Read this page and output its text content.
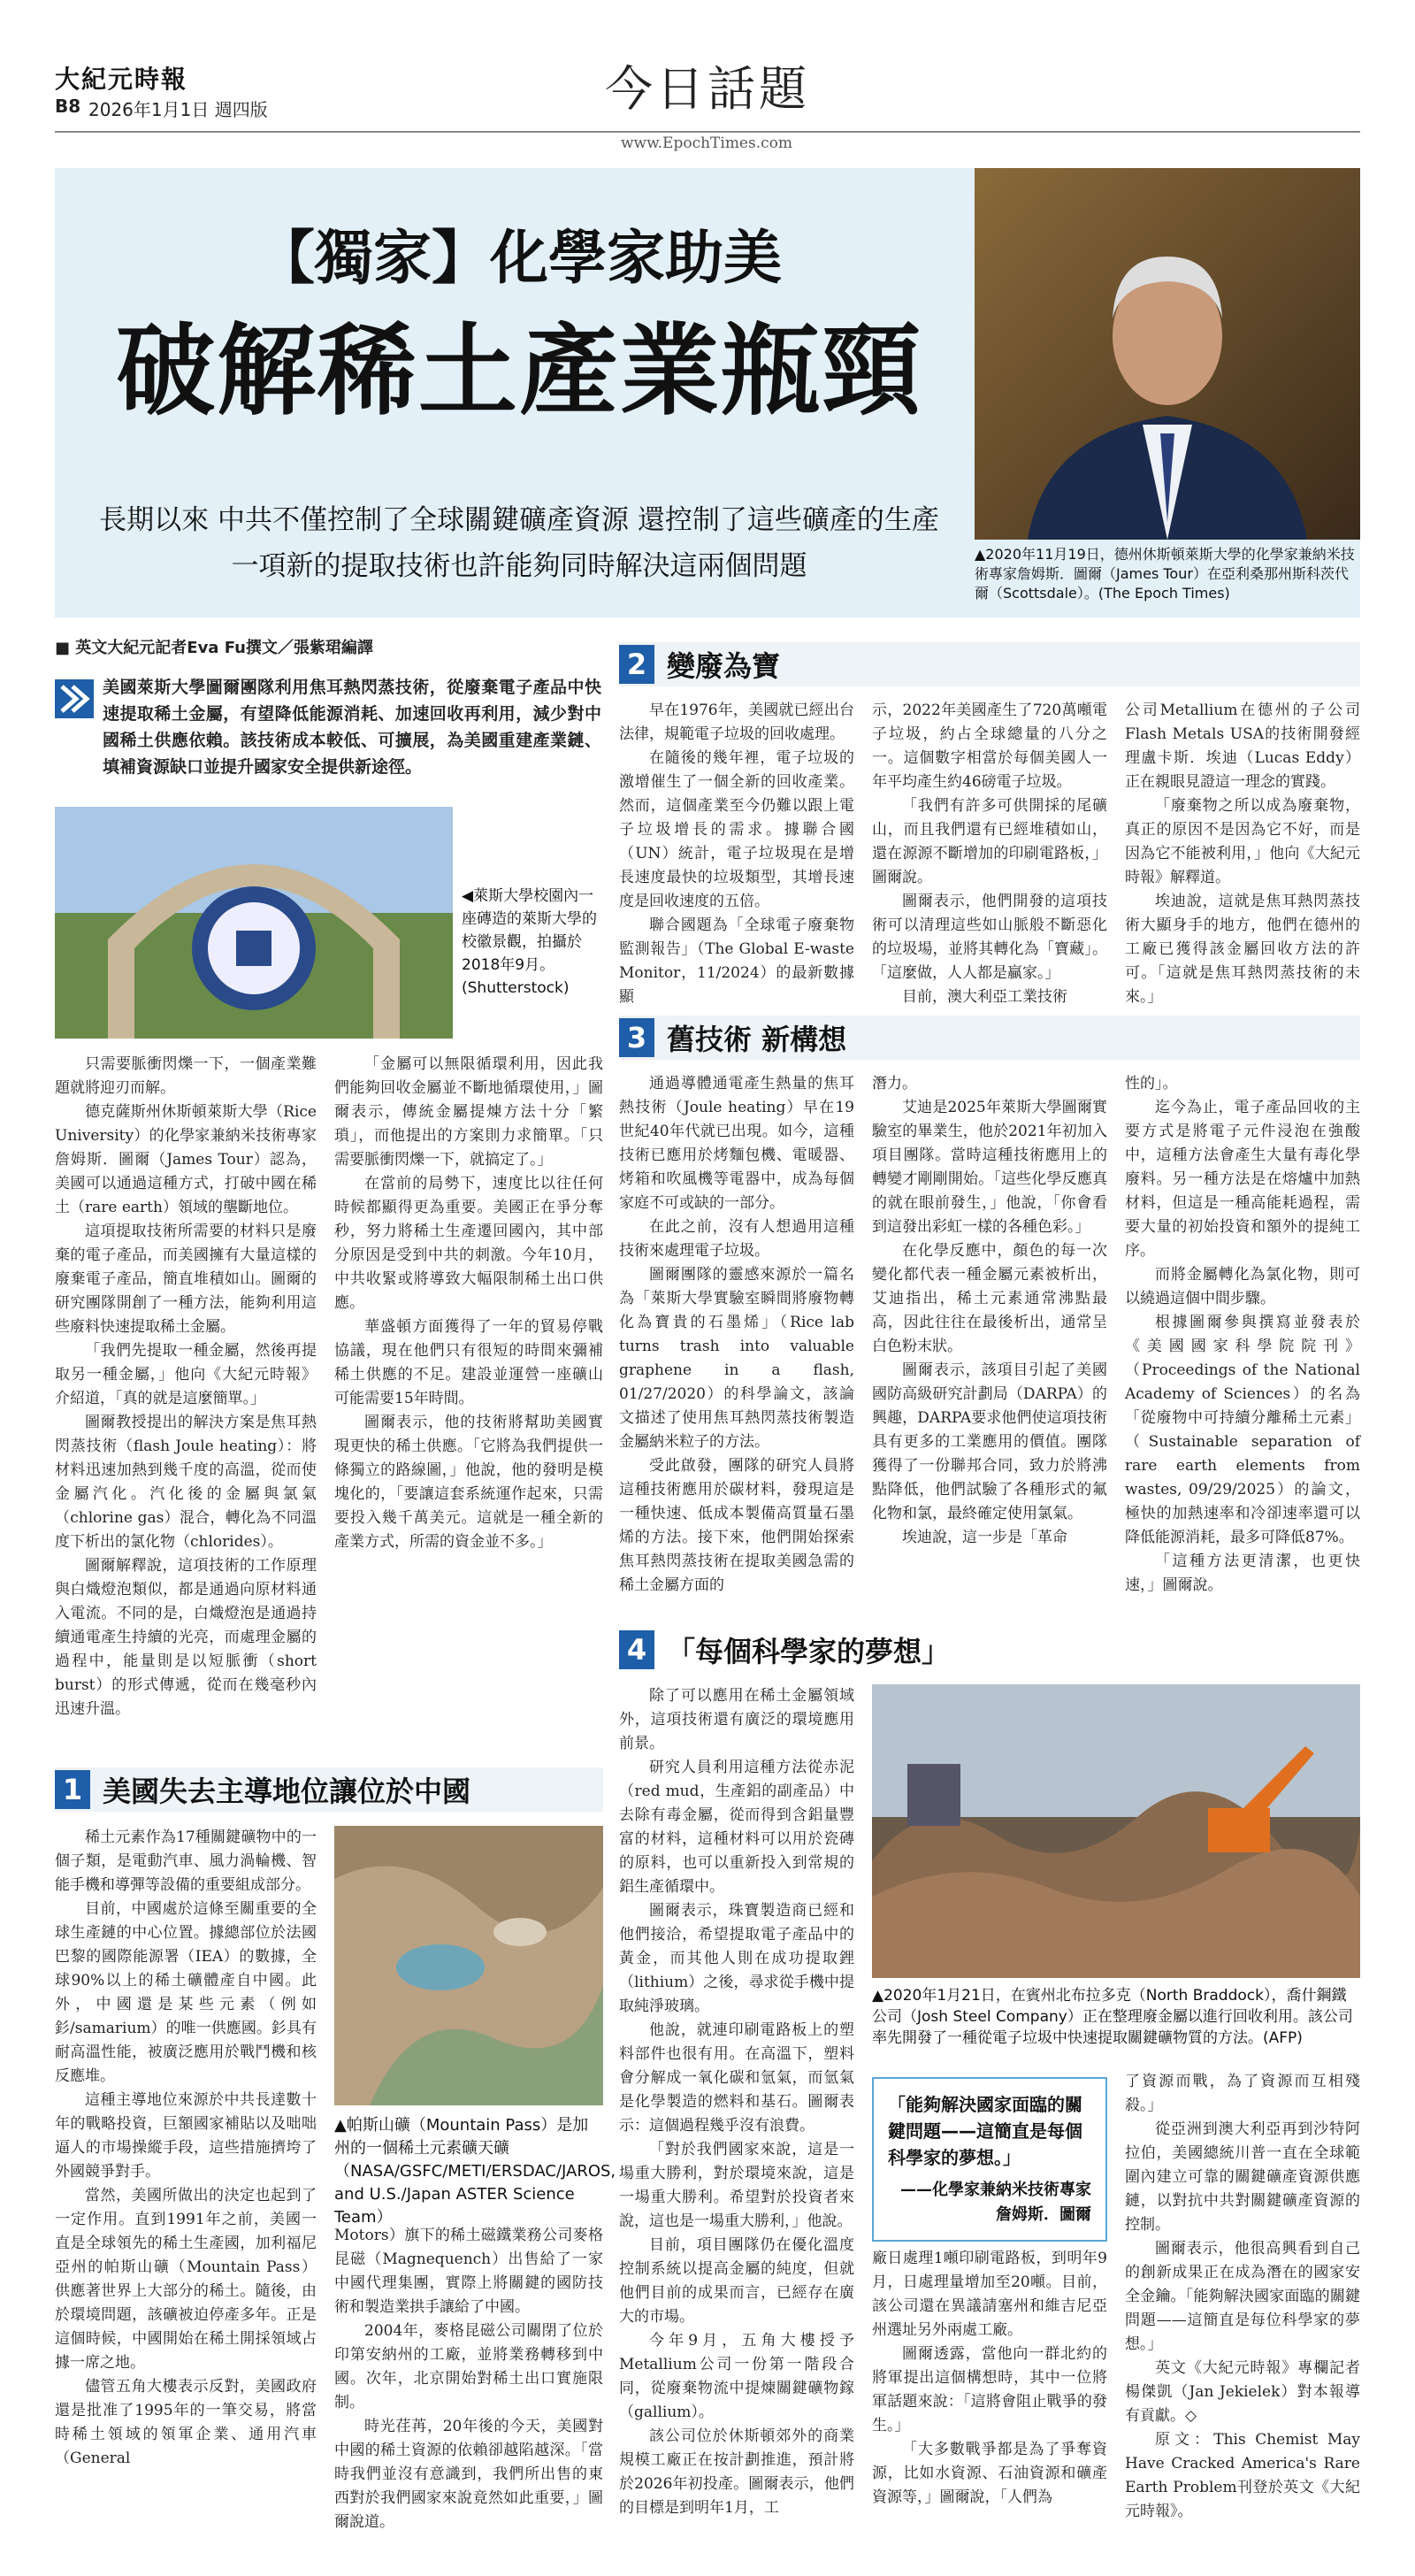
大紀元時報
B8 2026年1月1日 週四版	今日話題
www.EpochTimes.com
【獨家】化學家助美
破解稀土產業瓶頸
長期以來 中共不僅控制了全球關鍵礦產資源 還控制了這些礦產的生產
一項新的提取技術也許能夠同時解決這兩個問題	▲2020年11月19日，德州休斯頓萊斯大學的化學家兼納米技術專家詹姆斯．圖爾（James Tour）在亞利桑那州斯科茨代爾（Scottsdale）。(The Epoch Times)
■ 英文大紀元記者Eva Fu撰文／張紫珺編譯
美國萊斯大學圖爾團隊利用焦耳熱閃蒸技術，從廢棄電子產品中快速提取稀土金屬，有望降低能源消耗、加速回收再利用，減少對中國稀土供應依賴。該技術成本較低、可擴展，為美國重建產業鏈、填補資源缺口並提升國家安全提供新途徑。
◀萊斯大學校園內一座磚造的萊斯大學的校徽景觀，拍攝於2018年9月。(Shutterstock)

只需要脈衝閃爍一下，一個產業難題就將迎刃而解。

德克薩斯州休斯頓萊斯大學（Rice University）的化學家兼納米技術專家詹姆斯．圖爾（James Tour）認為，美國可以通過這種方式，打破中國在稀土（rare earth）領域的壟斷地位。

這項提取技術所需要的材料只是廢棄的電子產品，而美國擁有大量這樣的廢棄電子產品，簡直堆積如山。圖爾的研究團隊開創了一種方法，能夠利用這些廢料快速提取稀土金屬。

「我們先提取一種金屬，然後再提取另一種金屬，」他向《大紀元時報》介紹道，「真的就是這麼簡單。」

圖爾教授提出的解決方案是焦耳熱閃蒸技術（flash Joule heating）：將材料迅速加熱到幾千度的高溫，從而使金屬汽化。汽化後的金屬與氯氣（chlorine gas）混合，轉化為不同溫度下析出的氯化物（chlorides）。

圖爾解釋說，這項技術的工作原理與白熾燈泡類似，都是通過向原材料通入電流。不同的是，白熾燈泡是通過持續通電產生持續的光亮，而處理金屬的過程中，能量則是以短脈衝（short burst）的形式傳遞，從而在幾毫秒內迅速升溫。

「金屬可以無限循環利用，因此我們能夠回收金屬並不斷地循環使用，」圖爾表示，傳統金屬提煉方法十分「繁瑣」，而他提出的方案則力求簡單。「只需要脈衝閃爍一下，就搞定了。」

在當前的局勢下，速度比以往任何時候都顯得更為重要。美國正在爭分奪秒，努力將稀土生產遷回國內，其中部分原因是受到中共的刺激。今年10月，中共收緊或將導致大幅限制稀土出口供應。

華盛頓方面獲得了一年的貿易停戰協議，現在他們只有很短的時間來彌補稀土供應的不足。建設並運營一座礦山可能需要15年時間。

圖爾表示，他的技術將幫助美國實現更快的稀土供應。「它將為我們提供一條獨立的路線圖，」他說，他的發明是模塊化的，「要讓這套系統運作起來，只需要投入幾千萬美元。這就是一種全新的產業方式，所需的資金並不多。」

1 美國失去主導地位讓位於中國

稀土元素作為17種關鍵礦物中的一個子類，是電動汽車、風力渦輪機、智能手機和導彈等設備的重要組成部分。

目前，中國處於這條至關重要的全球生產鏈的中心位置。據總部位於法國巴黎的國際能源署（IEA）的數據，全球90%以上的稀土礦體產自中國。此外，中國還是某些元素（例如釤/samarium）的唯一供應國。釤具有耐高溫性能，被廣泛應用於戰鬥機和核反應堆。

這種主導地位來源於中共長達數十年的戰略投資，巨額國家補貼以及咄咄逼人的市場操縱手段，這些措施擠垮了外國競爭對手。

當然，美國所做出的決定也起到了一定作用。直到1991年之前，美國一直是全球領先的稀土生產國，加利福尼亞州的帕斯山礦（Mountain Pass）供應著世界上大部分的稀土。隨後，由於環境問題，該礦被迫停產多年。正是這個時候，中國開始在稀土開採領域占據一席之地。

儘管五角大樓表示反對，美國政府還是批准了1995年的一筆交易，將當時稀土領域的領軍企業、通用汽車（General

▲帕斯山礦（Mountain Pass）是加州的一個稀土元素礦天礦（NASA/GSFC/METI/ERSDAC/JAROS, and U.S./Japan ASTER Science Team）

Motors）旗下的稀土磁鐵業務公司麥格昆磁（Magnequench）出售給了一家中國代理集團，實際上將關鍵的國防技術和製造業拱手讓給了中國。

2004年，麥格昆磁公司關閉了位於印第安納州的工廠，並將業務轉移到中國。次年，北京開始對稀土出口實施限制。

時光荏苒，20年後的今天，美國對中國的稀土資源的依賴卻越陷越深。「當時我們並沒有意識到，我們所出售的東西對於我們國家來說竟然如此重要，」圖爾說道。

2 變廢為寶

早在1976年，美國就已經出台法律，規範電子垃圾的回收處理。

在隨後的幾年裡，電子垃圾的激增催生了一個全新的回收產業。然而，這個產業至今仍難以跟上電子垃圾增長的需求。據聯合國（UN）統計，電子垃圾現在是增長速度最快的垃圾類型，其增長速度是回收速度的五倍。

聯合國題為「全球電子廢棄物監測報告」（The Global E-waste Monitor，11/2024）的最新數據顯

示，2022年美國產生了720萬噸電子垃圾，約占全球總量的八分之一。這個數字相當於每個美國人一年平均產生約46磅電子垃圾。

「我們有許多可供開採的尾礦山，而且我們還有已經堆積如山，還在源源不斷增加的印刷電路板，」圖爾說。

圖爾表示，他們開發的這項技術可以清理這些如山脈般不斷惡化的垃圾場，並將其轉化為「寶藏」。「這麼做，人人都是贏家。」

目前，澳大利亞工業技術

公司Metallium在德州的子公司Flash Metals USA的技術開發經理盧卡斯．埃迪（Lucas Eddy）正在親眼見證這一理念的實踐。

「廢棄物之所以成為廢棄物，真正的原因不是因為它不好，而是因為它不能被利用，」他向《大紀元時報》解釋道。

埃迪說，這就是焦耳熱閃蒸技術大顯身手的地方，他們在德州的工廠已獲得該金屬回收方法的許可。「這就是焦耳熱閃蒸技術的未來。」

3 舊技術 新構想

通過導體通電產生熱量的焦耳熱技術（Joule heating）早在19世紀40年代就已出現。如今，這種技術已應用於烤麵包機、電暖器、烤箱和吹風機等電器中，成為每個家庭不可或缺的一部分。

在此之前，沒有人想過用這種技術來處理電子垃圾。

圖爾團隊的靈感來源於一篇名為「萊斯大學實驗室瞬間將廢物轉化為寶貴的石墨烯」（Rice lab turns trash into valuable graphene in a flash, 01/27/2020）的科學論文，該論文描述了使用焦耳熱閃蒸技術製造金屬納米粒子的方法。

受此啟發，團隊的研究人員將這種技術應用於碳材料，發現這是一種快速、低成本製備高質量石墨烯的方法。接下來，他們開始探索焦耳熱閃蒸技術在提取美國急需的稀土金屬方面的

潛力。

艾迪是2025年萊斯大學圖爾實驗室的畢業生，他於2021年初加入項目團隊。當時這種技術應用上的轉變才剛剛開始。「這些化學反應真的就在眼前發生，」他說，「你會看到這發出彩虹一樣的各種色彩。」

在化學反應中，顏色的每一次變化都代表一種金屬元素被析出，艾迪指出，稀土元素通常沸點最高，因此往往在最後析出，通常呈白色粉末狀。

圖爾表示，該項目引起了美國國防高級研究計劃局（DARPA）的興趣，DARPA要求他們使這項技術具有更多的工業應用的價值。團隊獲得了一份聯邦合同，致力於將沸點降低，他們試驗了各種形式的氟化物和氯，最終確定使用氯氣。

埃迪說，這一步是「革命

性的」。

迄今為止，電子產品回收的主要方式是將電子元件浸泡在強酸中，這種方法會產生大量有毒化學廢料。另一種方法是在熔爐中加熱材料，但這是一種高能耗過程，需要大量的初始投資和額外的提純工序。

而將金屬轉化為氯化物，則可以繞過這個中間步驟。

根據圖爾參與撰寫並發表於《美國國家科學院院刊》（Proceedings of the National Academy of Sciences）的名為「從廢物中可持續分離稀土元素」（Sustainable separation of rare earth elements from wastes, 09/29/2025）的論文，極快的加熱速率和冷卻速率還可以降低能源消耗，最多可降低87%。

「這種方法更清潔，也更快速，」圖爾說。

4 「每個科學家的夢想」

除了可以應用在稀土金屬領域外，這項技術還有廣泛的環境應用前景。

研究人員利用這種方法從赤泥（red mud，生產鋁的副產品）中去除有毒金屬，從而得到含鋁量豐富的材料，這種材料可以用於瓷磚的原料，也可以重新投入到常規的鋁生產循環中。

圖爾表示，珠寶製造商已經和他們接洽，希望提取電子產品中的黃金，而其他人則在成功提取鋰（lithium）之後，尋求從手機中提取純淨玻璃。

他說，就連印刷電路板上的塑料部件也很有用。在高溫下，塑料會分解成一氧化碳和氫氣，而氫氣是化學製造的燃料和基石。圖爾表示：這個過程幾乎沒有浪費。

「對於我們國家來說，這是一場重大勝利，對於環境來說，這是一場重大勝利。希望對於投資者來說，這也是一場重大勝利，」他說。

目前，項目團隊仍在優化溫度控制系統以提高金屬的純度，但就他們目前的成果而言，已經存在廣大的市場。

今年9月，五角大樓授予Metallium公司一份第一階段合同，從廢棄物流中提煉關鍵礦物鎵（gallium）。

該公司位於休斯頓郊外的商業規模工廠正在按計劃推進，預計將於2026年初投產。圖爾表示，他們的目標是到明年1月，工

▲2020年1月21日，在賓州北布拉多克（North Braddock），喬什鋼鐵公司（Josh Steel Company）正在整理廢金屬以進行回收利用。該公司率先開發了一種從電子垃圾中快速提取關鍵礦物質的方法。(AFP)
「能夠解決國家面臨的關鍵問題——這簡直是每個科學家的夢想。」
——化學家兼納米技術專家詹姆斯．圖爾

廠日處理1噸印刷電路板，到明年9月，日處理量增加至20噸。目前，該公司還在異議請塞州和維吉尼亞州選址另外兩處工廠。

圖爾透露，當他向一群北約的將軍提出這個構想時，其中一位將軍話題來說：「這將會阻止戰爭的發生。」

「大多數戰爭都是為了爭奪資源，比如水資源、石油資源和礦產資源等，」圖爾說，「人們為

了資源而戰，為了資源而互相殘殺。」

從亞洲到澳大利亞再到沙特阿拉伯，美國總統川普一直在全球範圍內建立可靠的關鍵礦產資源供應鏈，以對抗中共對關鍵礦產資源的控制。

圖爾表示，他很高興看到自己的創新成果正在成為潛在的國家安全金鑰。「能夠解決國家面臨的關鍵問題——這簡直是每位科學家的夢想。」

英文《大紀元時報》專欄記者楊傑凱（Jan Jekielek）對本報導有貢獻。◇

原文：This Chemist May Have Cracked America's Rare Earth Problem刊登於英文《大紀元時報》。
